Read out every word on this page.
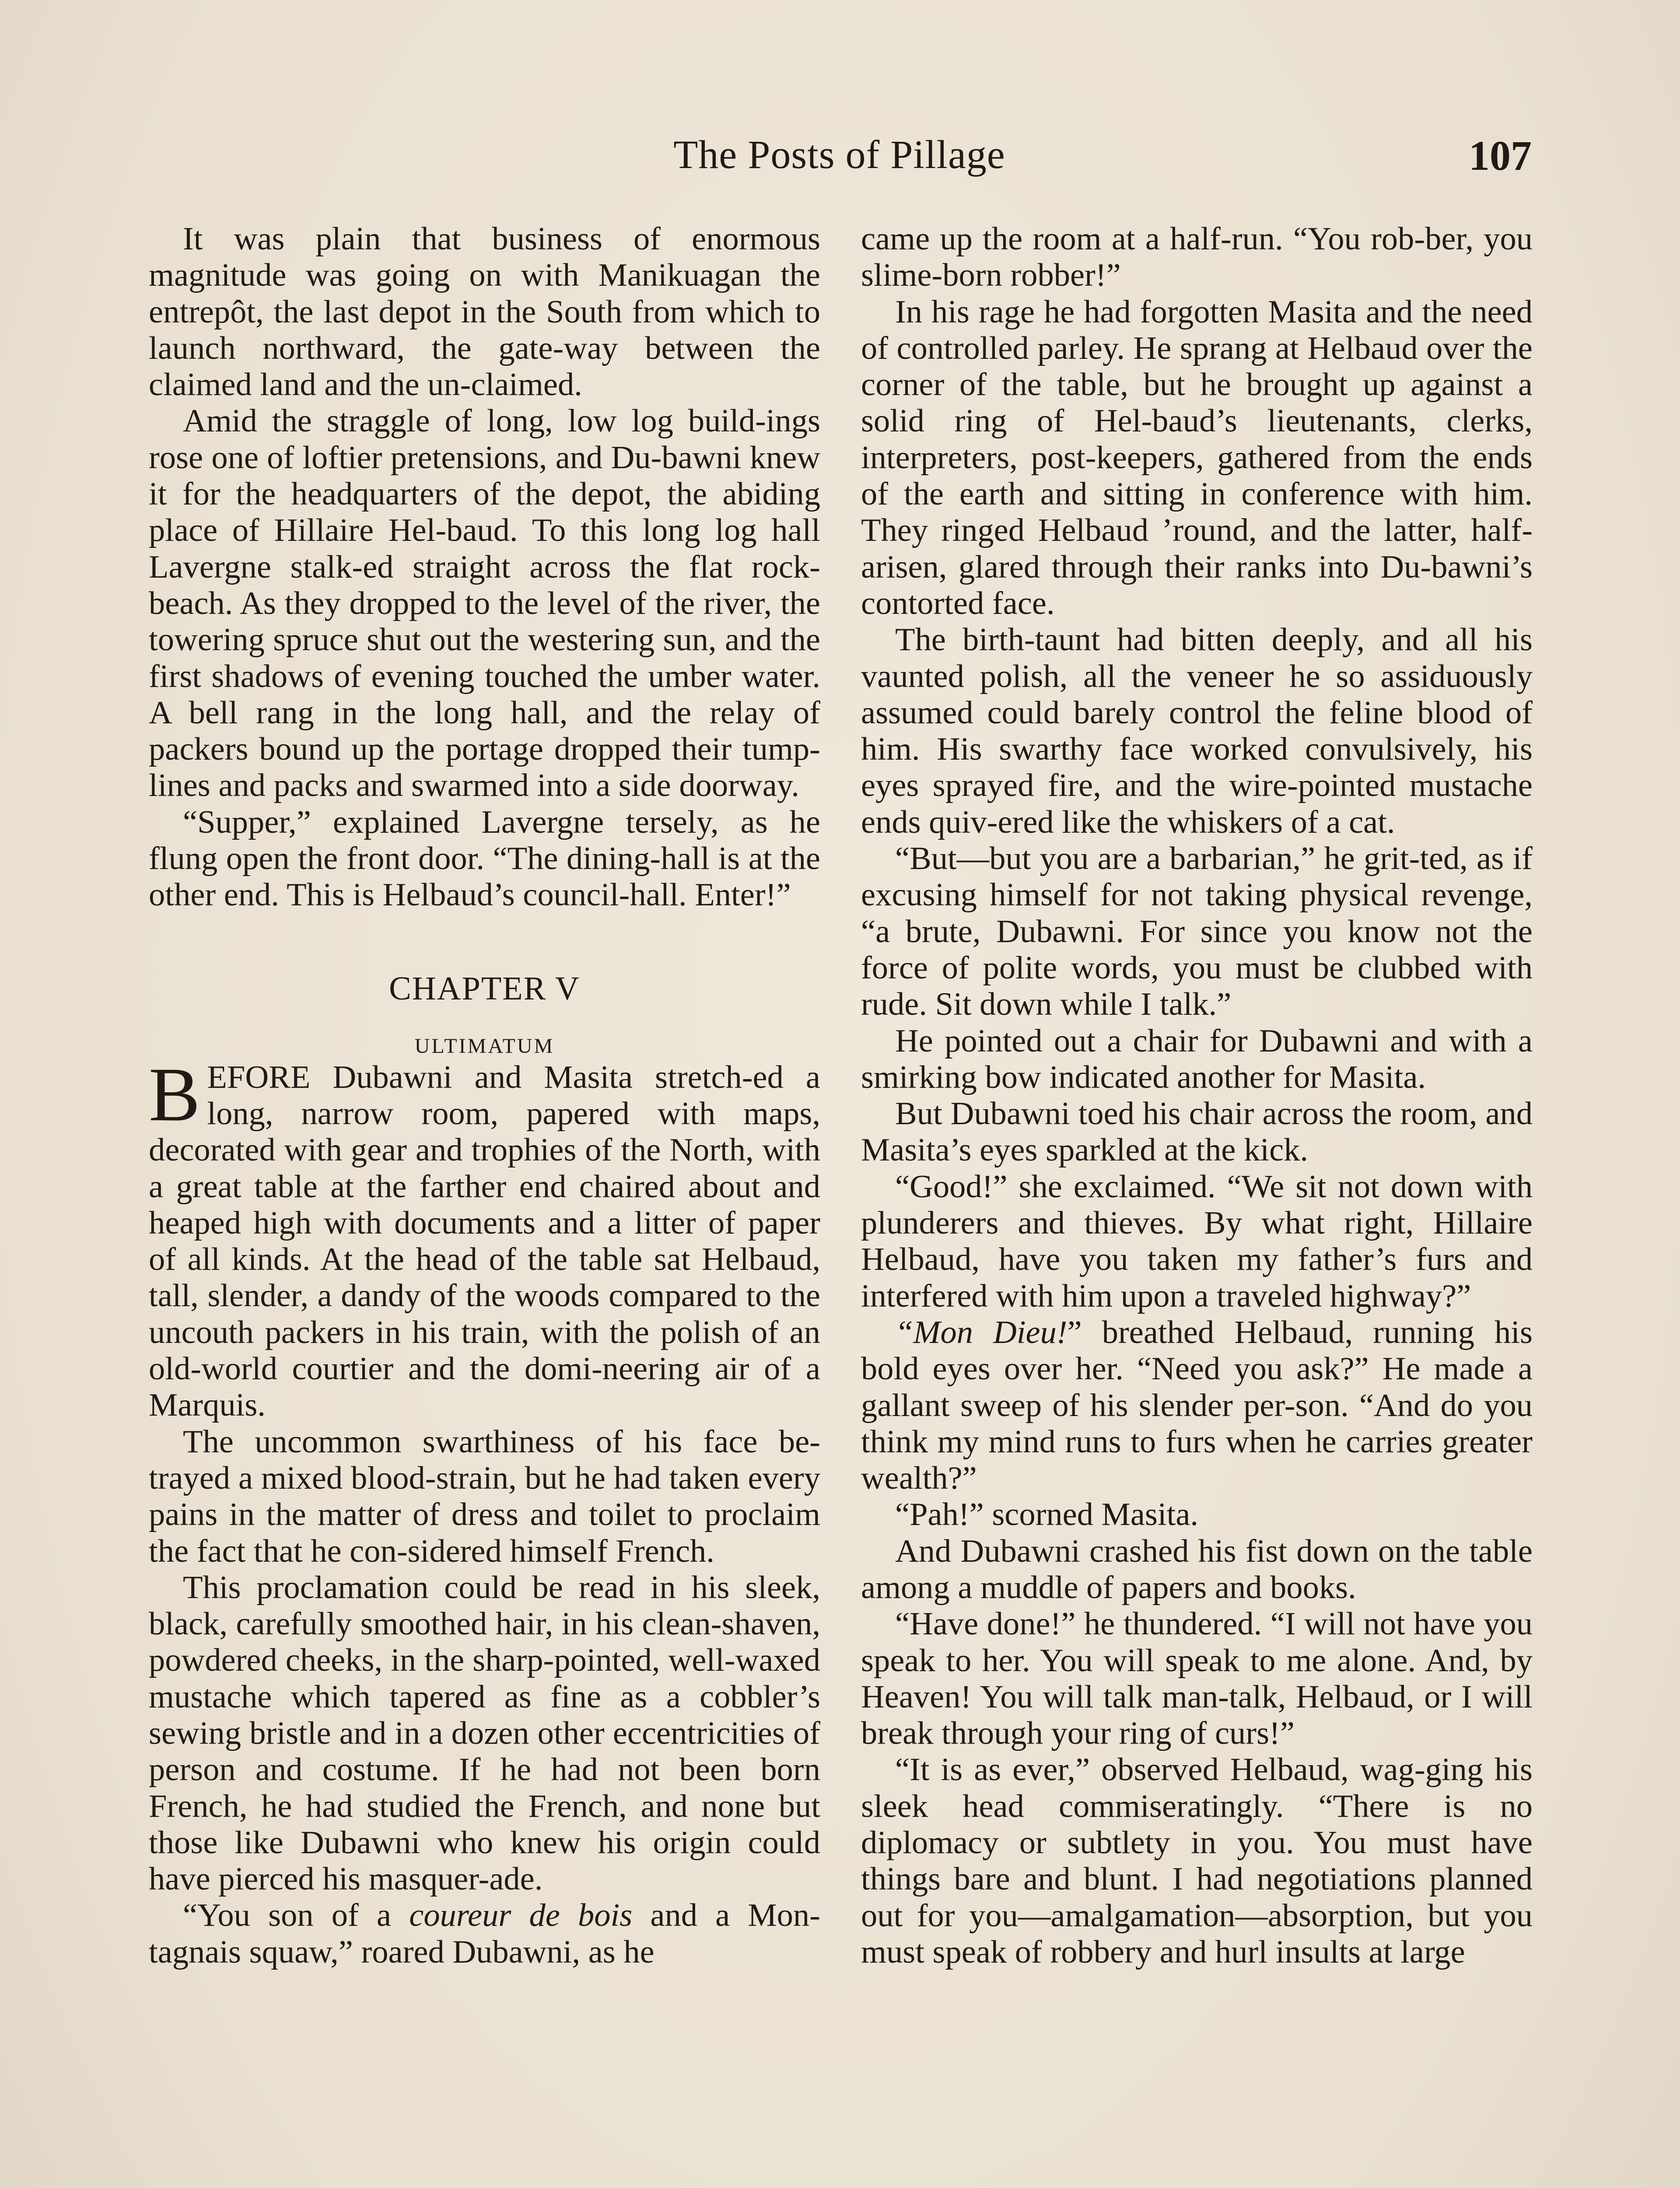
The Posts of Pillage	107

It was plain that business of enormous magnitude was going on with Manikuagan the entrepôt, the last depot in the South from which to launch northward, the gate-way between the claimed land and the un-claimed.

Amid the straggle of long, low log build-ings rose one of loftier pretensions, and Du-bawni knew it for the headquarters of the depot, the abiding place of Hillaire Hel-baud. To this long log hall Lavergne stalk-ed straight across the flat rock-beach. As they dropped to the level of the river, the towering spruce shut out the westering sun, and the first shadows of evening touched the umber water. A bell rang in the long hall, and the relay of packers bound up the portage dropped their tump-lines and packs and swarmed into a side doorway.

“Supper,” explained Lavergne tersely, as he flung open the front door. “The dining-hall is at the other end. This is Helbaud’s council-hall. Enter!”

CHAPTER V
ULTIMATUM

BEFORE Dubawni and Masita stretch-ed a long, narrow room, papered with maps, decorated with gear and trophies of the North, with a great table at the farther end chaired about and heaped high with documents and a litter of paper of all kinds. At the head of the table sat Helbaud, tall, slender, a dandy of the woods compared to the uncouth packers in his train, with the polish of an old-world courtier and the domi-neering air of a Marquis.

The uncommon swarthiness of his face be-trayed a mixed blood-strain, but he had taken every pains in the matter of dress and toilet to proclaim the fact that he con-sidered himself French.

This proclamation could be read in his sleek, black, carefully smoothed hair, in his clean-shaven, powdered cheeks, in the sharp-pointed, well-waxed mustache which tapered as fine as a cobbler’s sewing bristle and in a dozen other eccentricities of person and costume. If he had not been born French, he had studied the French, and none but those like Dubawni who knew his origin could have pierced his masquer-ade.

“You son of a coureur de bois and a Mon-tagnais squaw,” roared Dubawni, as he

came up the room at a half-run. “You rob-ber, you slime-born robber!”

In his rage he had forgotten Masita and the need of controlled parley. He sprang at Helbaud over the corner of the table, but he brought up against a solid ring of Hel-baud’s lieutenants, clerks, interpreters, post-keepers, gathered from the ends of the earth and sitting in conference with him. They ringed Helbaud ’round, and the latter, half-arisen, glared through their ranks into Du-bawni’s contorted face.

The birth-taunt had bitten deeply, and all his vaunted polish, all the veneer he so assiduously assumed could barely control the feline blood of him. His swarthy face worked convulsively, his eyes sprayed fire, and the wire-pointed mustache ends quiv-ered like the whiskers of a cat.

“But—but you are a barbarian,” he grit-ted, as if excusing himself for not taking physical revenge, “a brute, Dubawni. For since you know not the force of polite words, you must be clubbed with rude. Sit down while I talk.”

He pointed out a chair for Dubawni and with a smirking bow indicated another for Masita.

But Dubawni toed his chair across the room, and Masita’s eyes sparkled at the kick.

“Good!” she exclaimed. “We sit not down with plunderers and thieves. By what right, Hillaire Helbaud, have you taken my father’s furs and interfered with him upon a traveled highway?”

“Mon Dieu!” breathed Helbaud, running his bold eyes over her. “Need you ask?” He made a gallant sweep of his slender per-son. “And do you think my mind runs to furs when he carries greater wealth?”

“Pah!” scorned Masita.

And Dubawni crashed his fist down on the table among a muddle of papers and books.

“Have done!” he thundered. “I will not have you speak to her. You will speak to me alone. And, by Heaven! You will talk man-talk, Helbaud, or I will break through your ring of curs!”

“It is as ever,” observed Helbaud, wag-ging his sleek head commiseratingly. “There is no diplomacy or subtlety in you. You must have things bare and blunt. I had negotiations planned out for you—amalgamation—absorption, but you must speak of robbery and hurl insults at large
